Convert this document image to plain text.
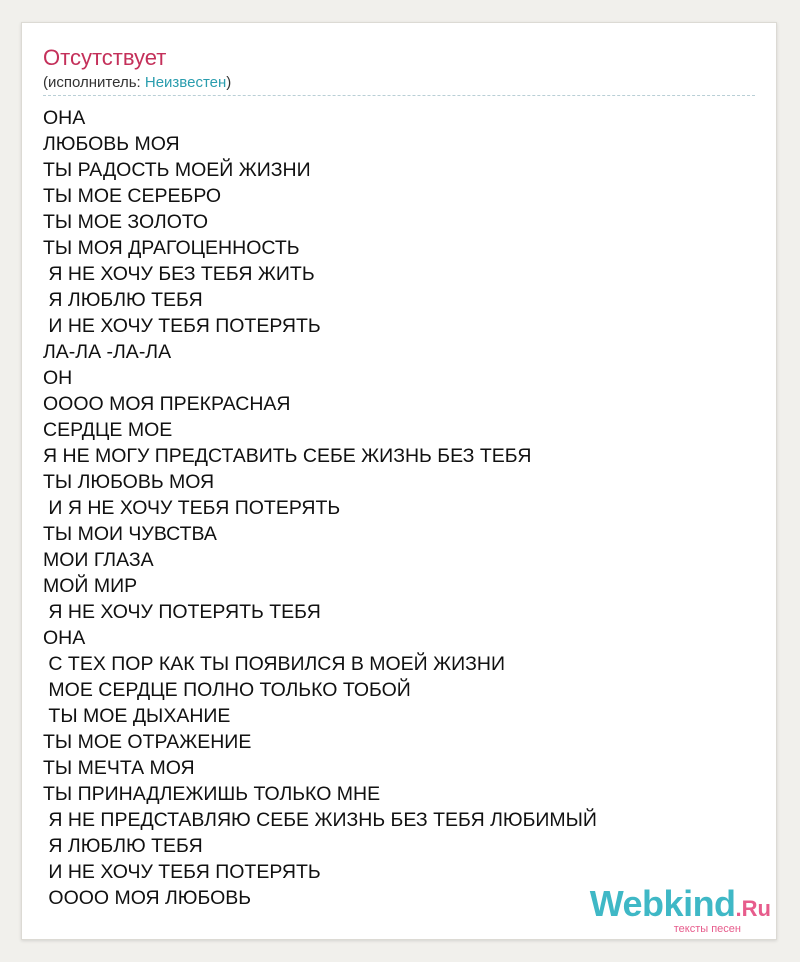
Отсутствует
(исполнитель: Неизвестен)
ОНА
ЛЮБОВЬ МОЯ
ТЫ РАДОСТЬ МОЕЙ ЖИЗНИ
ТЫ МОЕ СЕРЕБРО
ТЫ МОЕ ЗОЛОТО
ТЫ МОЯ ДРАГОЦЕННОСТЬ
Я НЕ ХОЧУ БЕЗ ТЕБЯ ЖИТЬ
Я ЛЮБЛЮ ТЕБЯ
И НЕ ХОЧУ ТЕБЯ ПОТЕРЯТЬ
ЛА-ЛА -ЛА-ЛА
ОН
ОООО МОЯ ПРЕКРАСНАЯ
СЕРДЦЕ МОЕ
Я НЕ МОГУ ПРЕДСТАВИТЬ СЕБЕ ЖИЗНЬ БЕЗ ТЕБЯ
ТЫ ЛЮБОВЬ МОЯ
И Я НЕ ХОЧУ ТЕБЯ ПОТЕРЯТЬ
ТЫ МОИ ЧУВСТВА
МОИ ГЛАЗА
МОЙ МИР
Я НЕ ХОЧУ ПОТЕРЯТЬ ТЕБЯ
ОНА
С ТЕХ ПОР КАК ТЫ ПОЯВИЛСЯ В МОЕЙ ЖИЗНИ
МОЕ СЕРДЦЕ ПОЛНО ТОЛЬКО ТОБОЙ
ТЫ МОЕ ДЫХАНИЕ
ТЫ МОЕ ОТРАЖЕНИЕ
ТЫ МЕЧТА МОЯ
ТЫ ПРИНАДЛЕЖИШЬ ТОЛЬКО МНЕ
Я НЕ ПРЕДСТАВЛЯЮ СЕБЕ ЖИЗНЬ БЕЗ ТЕБЯ ЛЮБИМЫЙ
Я ЛЮБЛЮ ТЕБЯ
И НЕ ХОЧУ ТЕБЯ ПОТЕРЯТЬ
ОООО МОЯ ЛЮБОВЬ	Webkind.Ru
тексты песен
